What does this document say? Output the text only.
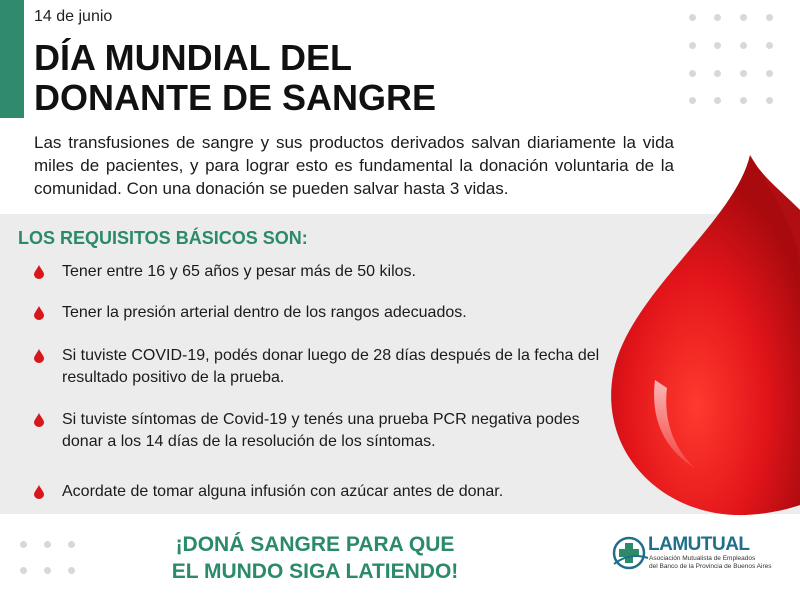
14 de junio
DÍA MUNDIAL DEL
DONANTE DE SANGRE

Las transfusiones de sangre y sus productos derivados salvan diariamente la vida miles de pacientes, y para lograr esto es fundamental la donación voluntaria de la comunidad. Con una donación se pueden salvar hasta 3 vidas.

LOS REQUISITOS BÁSICOS SON:
Tener entre 16 y 65 años y pesar más de 50 kilos.
Tener la presión arterial dentro de los rangos adecuados.
Si tuviste COVID-19, podés donar luego de 28 días después de la fecha del resultado positivo de la prueba.
Si tuviste síntomas de Covid-19 y tenés una prueba PCR negativa podes donar a los 14 días de la resolución de los síntomas.
Acordate de tomar alguna infusión con azúcar antes de donar.
¡DONÁ SANGRE PARA QUE
EL MUNDO SIGA LATIENDO!
LAMUTUAL
Asociación Mutualista de Empleados
del Banco de la Provincia de Buenos Aires
